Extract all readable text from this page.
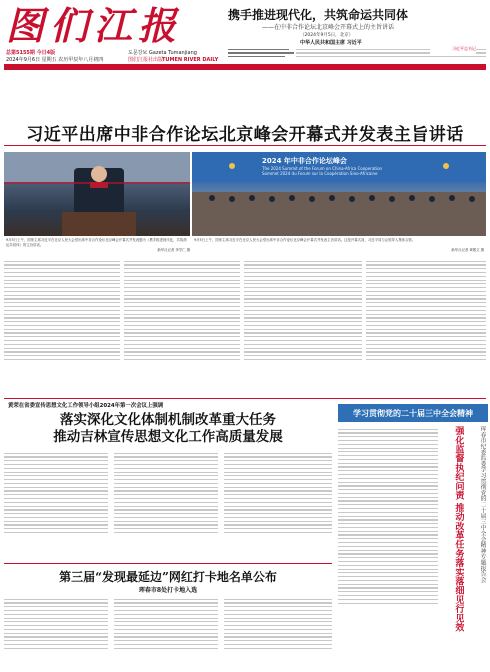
图们江报
总第5155期 今日4版
2024年9月6日 星期五 农历甲辰年八月初四
도문강보 Gazeta Tumanjiang
图们江报社出版
TUMEN RIVER DAILY
携手推进现代化，共筑命运共同体
——在中非合作论坛北京峰会开幕式上的主旨讲话
（2024年9月5日，北京）
中华人民共和国主席 习近平
习近平总书记
习近平出席中非合作论坛北京峰会开幕式并发表主旨讲话
2024 年中非合作论坛峰会
The 2024 Summit of the Forum on China-Africa Cooperation
Sommet 2024 du Forum sur la Coopération Sino-Africaine
9月5日上午，国家主席习近平在北京人民大会堂出席中非合作论坛北京峰会开幕式并发表题为《携手推进现代化，共筑命运共同体》的主旨讲话。
新华社记者 李学仁 摄
9月5日上午，国家主席习近平在北京人民大会堂出席中非合作论坛北京峰会开幕式并发表主旨讲话。这是开幕式前，习近平同与会领导人集体合影。
新华社记者 黄敬文 摄
黄荣在省委宣传思想文化工作领导小组2024年第一次会议上强调
落实深化文化体制机制改革重大任务
推动吉林宣传思想文化工作高质量发展
第三届“发现最延边”网红打卡地名单公布
珲春市8处打卡地入选
学习贯彻党的二十届三中全会精神
强化监督执纪问责 推动改革任务落实落细见行见效	珲春市纪委监委学习贯彻党的二十届三中全会精神专题报告会
